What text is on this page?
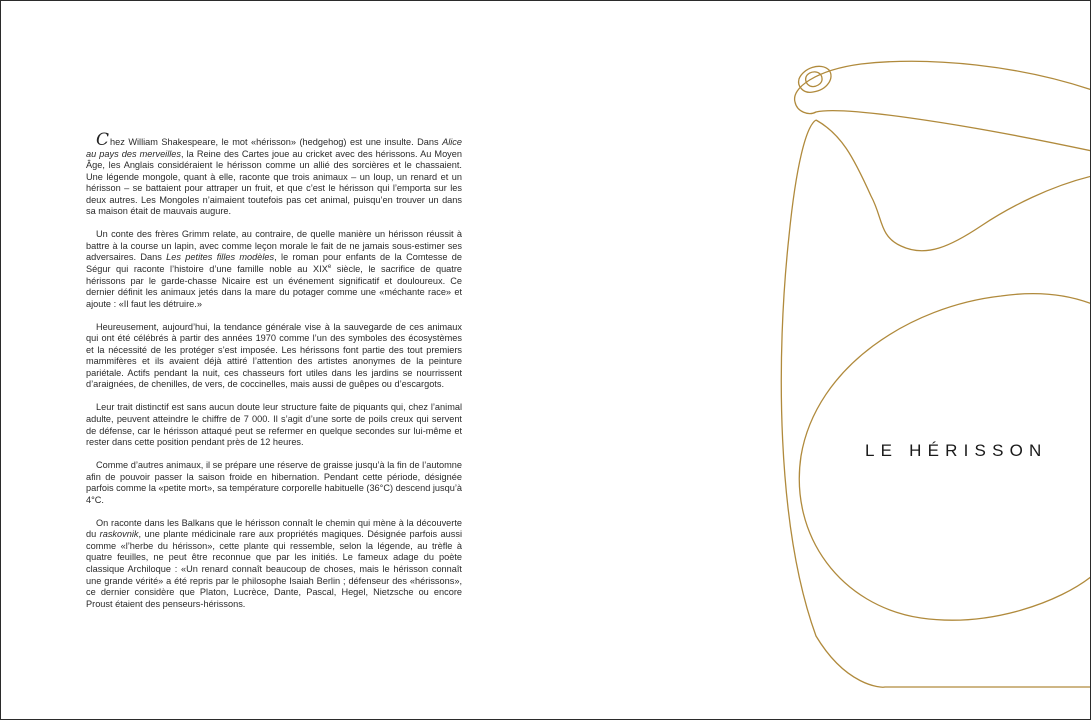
Chez William Shakespeare, le mot «hérisson» (hedgehog) est une insulte. Dans Alice au pays des merveilles, la Reine des Cartes joue au cricket avec des hérissons. Au Moyen Âge, les Anglais considéraient le hérisson comme un allié des sorcières et le chassaient. Une légende mongole, quant à elle, raconte que trois animaux – un loup, un renard et un hérisson – se battaient pour attraper un fruit, et que c’est le hérisson qui l’emporta sur les deux autres. Les Mongoles n’aimaient toutefois pas cet animal, puisqu’en trouver un dans sa maison était de mauvais augure.

Un conte des frères Grimm relate, au contraire, de quelle manière un hérisson réussit à battre à la course un lapin, avec comme leçon morale le fait de ne jamais sous-estimer ses adversaires. Dans Les petites filles modèles, le roman pour enfants de la Comtesse de Ségur qui raconte l’histoire d’une famille noble au XIXe siècle, le sacrifice de quatre hérissons par le garde-chasse Nicaire est un événement significatif et douloureux. Ce dernier définit les animaux jetés dans la mare du potager comme une «méchante race» et ajoute : «Il faut les détruire.»

Heureusement, aujourd’hui, la tendance générale vise à la sauvegarde de ces animaux qui ont été célébrés à partir des années 1970 comme l’un des symboles des écosystèmes et la nécessité de les protéger s’est imposée. Les hérissons font partie des tout premiers mammifères et ils avaient déjà attiré l’attention des artistes anonymes de la peinture pariétale. Actifs pendant la nuit, ces chasseurs fort utiles dans les jardins se nourrissent d’araignées, de chenilles, de vers, de coccinelles, mais aussi de guêpes ou d’escargots.

Leur trait distinctif est sans aucun doute leur structure faite de piquants qui, chez l’animal adulte, peuvent atteindre le chiffre de 7 000. Il s’agit d’une sorte de poils creux qui servent de défense, car le hérisson attaqué peut se refermer en quelque secondes sur lui-même et rester dans cette position pendant près de 12 heures.

Comme d’autres animaux, il se prépare une réserve de graisse jusqu’à la fin de l’automne afin de pouvoir passer la saison froide en hibernation. Pendant cette période, désignée parfois comme la «petite mort», sa température corporelle habituelle (36°C) descend jusqu’à 4°C.

On raconte dans les Balkans que le hérisson connaît le chemin qui mène à la découverte du raskovnik, une plante médicinale rare aux propriétés magiques. Désignée parfois aussi comme «l’herbe du hérisson», cette plante qui ressemble, selon la légende, au trèfle à quatre feuilles, ne peut être reconnue que par les initiés. Le fameux adage du poète classique Archiloque : «Un renard connaît beaucoup de choses, mais le hérisson connaît une grande vérité» a été repris par le philosophe Isaiah Berlin ; défenseur des «hérissons», ce dernier considère que Platon, Lucrèce, Dante, Pascal, Hegel, Nietzsche ou encore Proust étaient des penseurs-hérissons.

LE HÉRISSON
